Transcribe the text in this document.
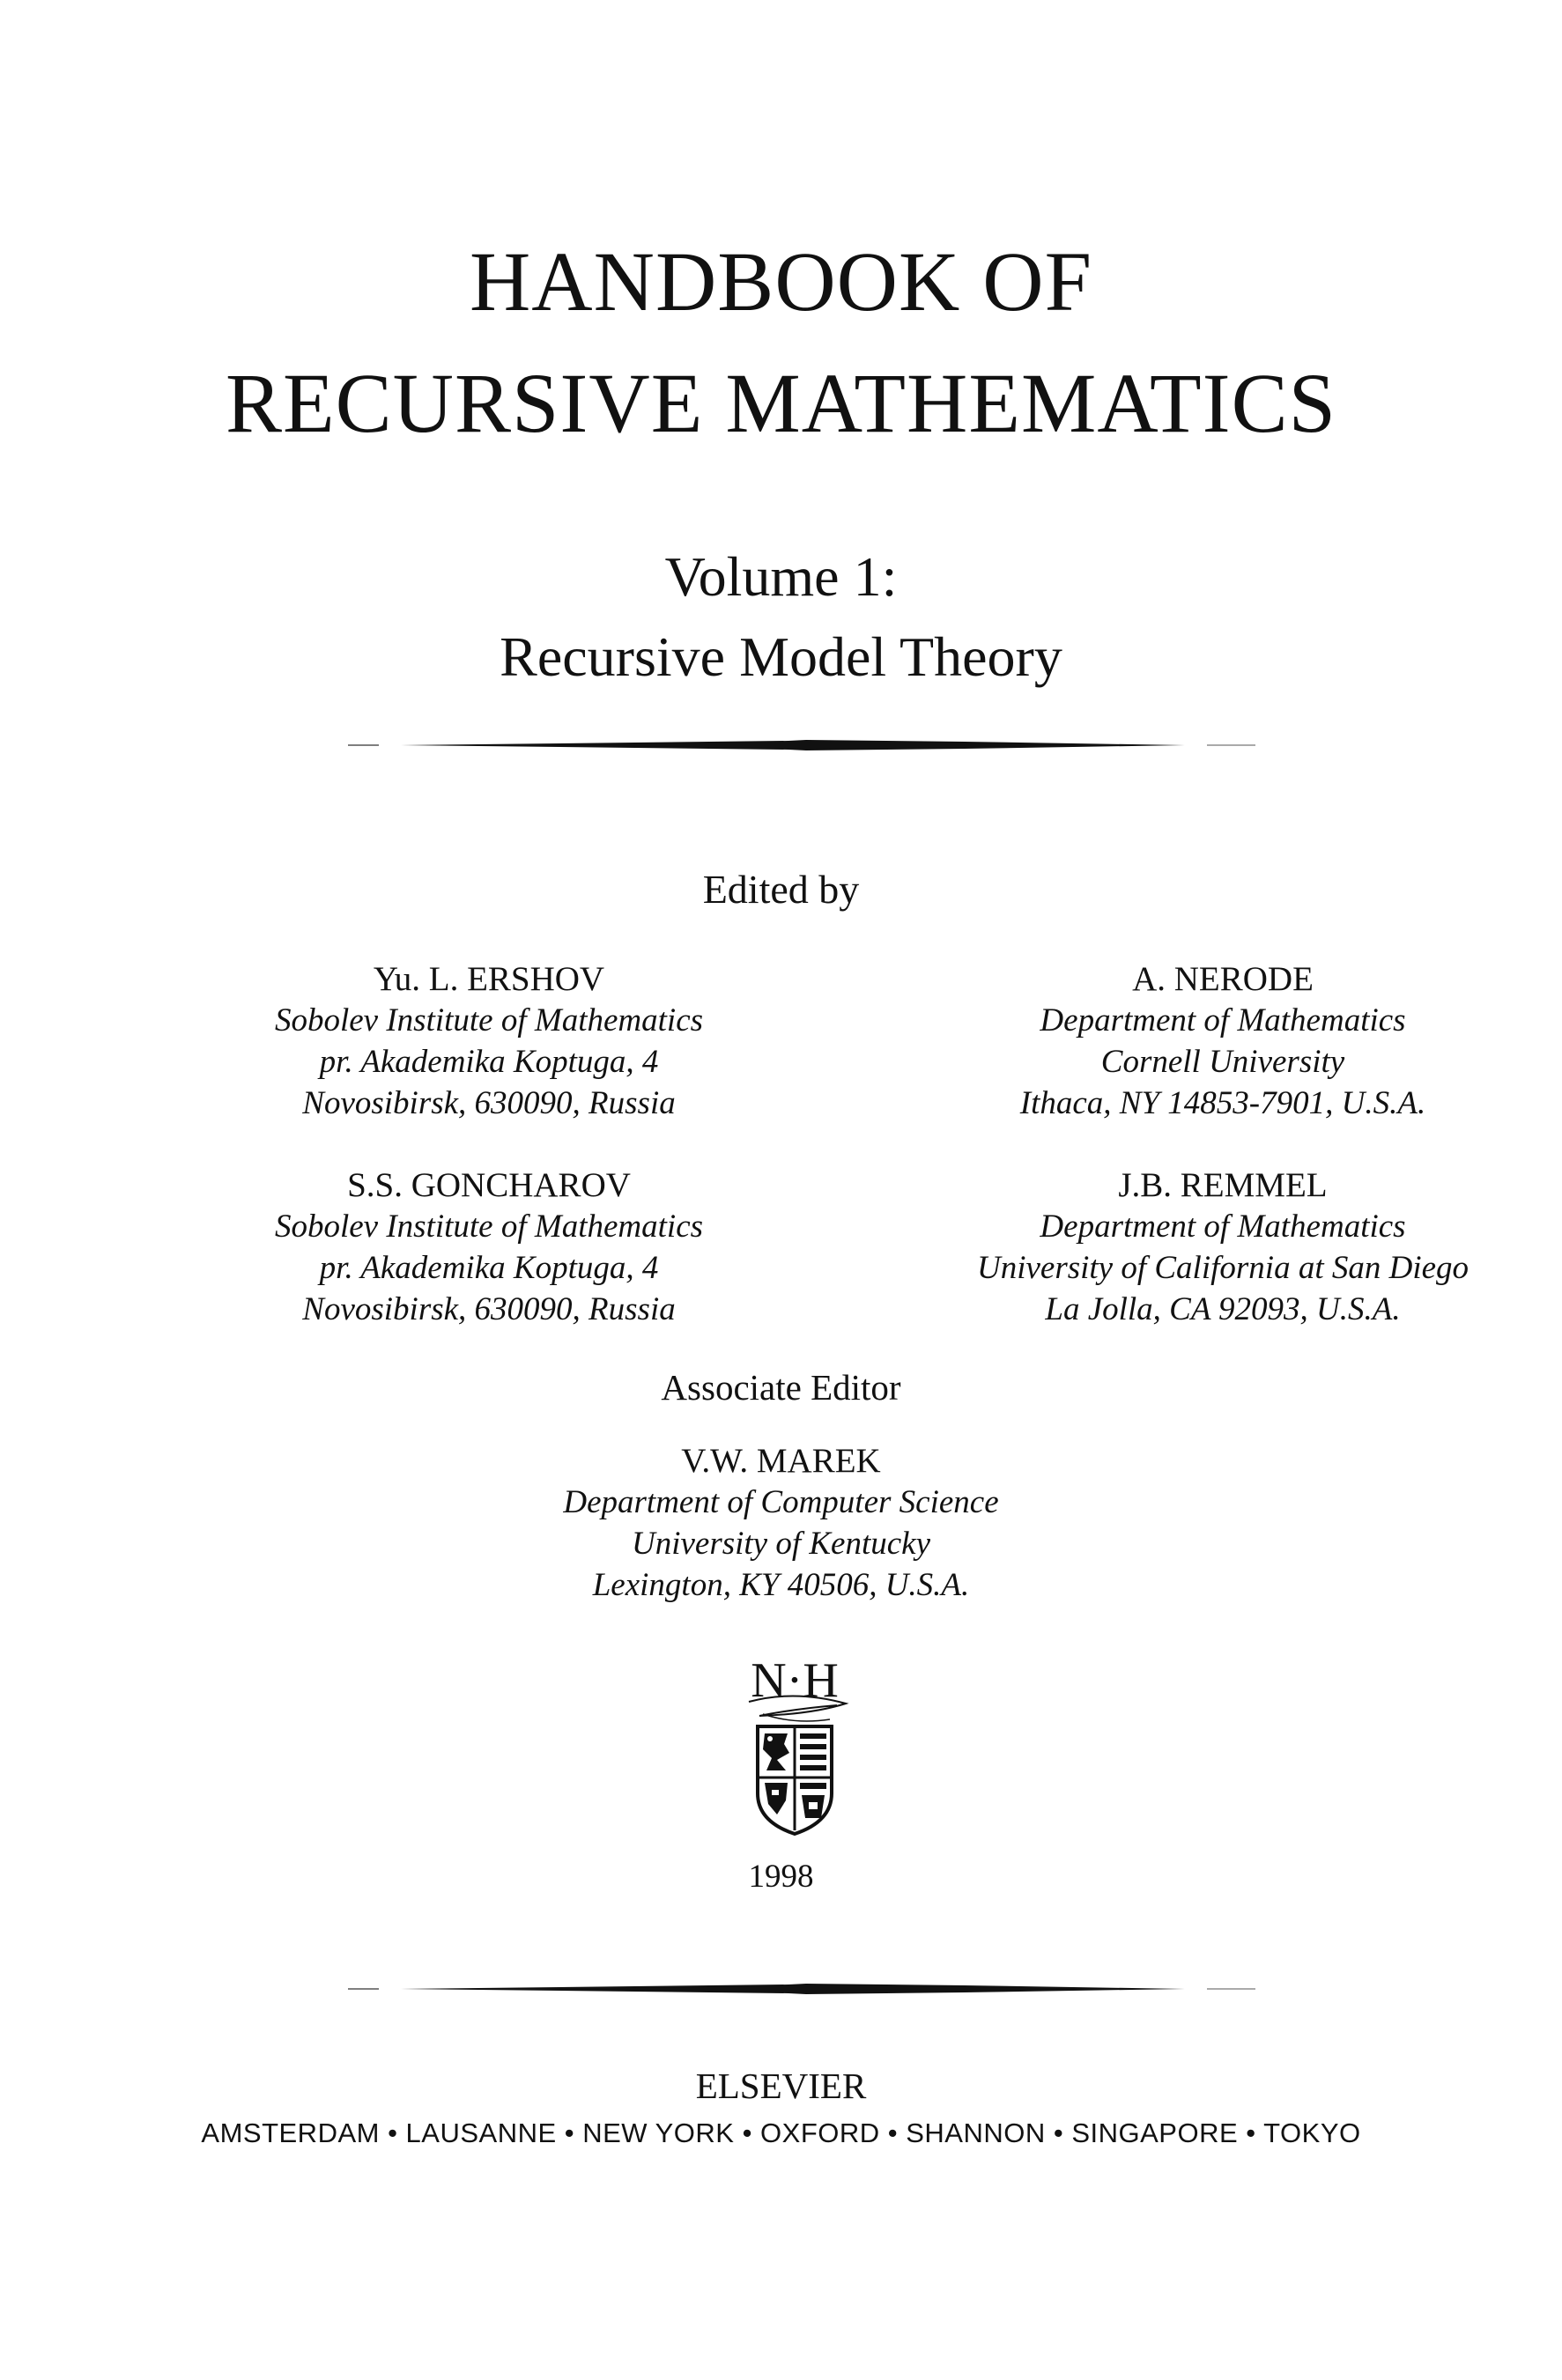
HANDBOOK OF
RECURSIVE MATHEMATICS
Volume 1:
Recursive Model Theory
Edited by
Yu. L. ERSHOV
Sobolev Institute of Mathematics
pr. Akademika Koptuga, 4
Novosibirsk, 630090, Russia
A. NERODE
Department of Mathematics
Cornell University
Ithaca, NY 14853-7901, U.S.A.
S.S. GONCHAROV
Sobolev Institute of Mathematics
pr. Akademika Koptuga, 4
Novosibirsk, 630090, Russia
J.B. REMMEL
Department of Mathematics
University of California at San Diego
La Jolla, CA 92093, U.S.A.
Associate Editor
V.W. MAREK
Department of Computer Science
University of Kentucky
Lexington, KY 40506, U.S.A.
N·H
1998
ELSEVIER
AMSTERDAM • LAUSANNE • NEW YORK • OXFORD • SHANNON • SINGAPORE • TOKYO
